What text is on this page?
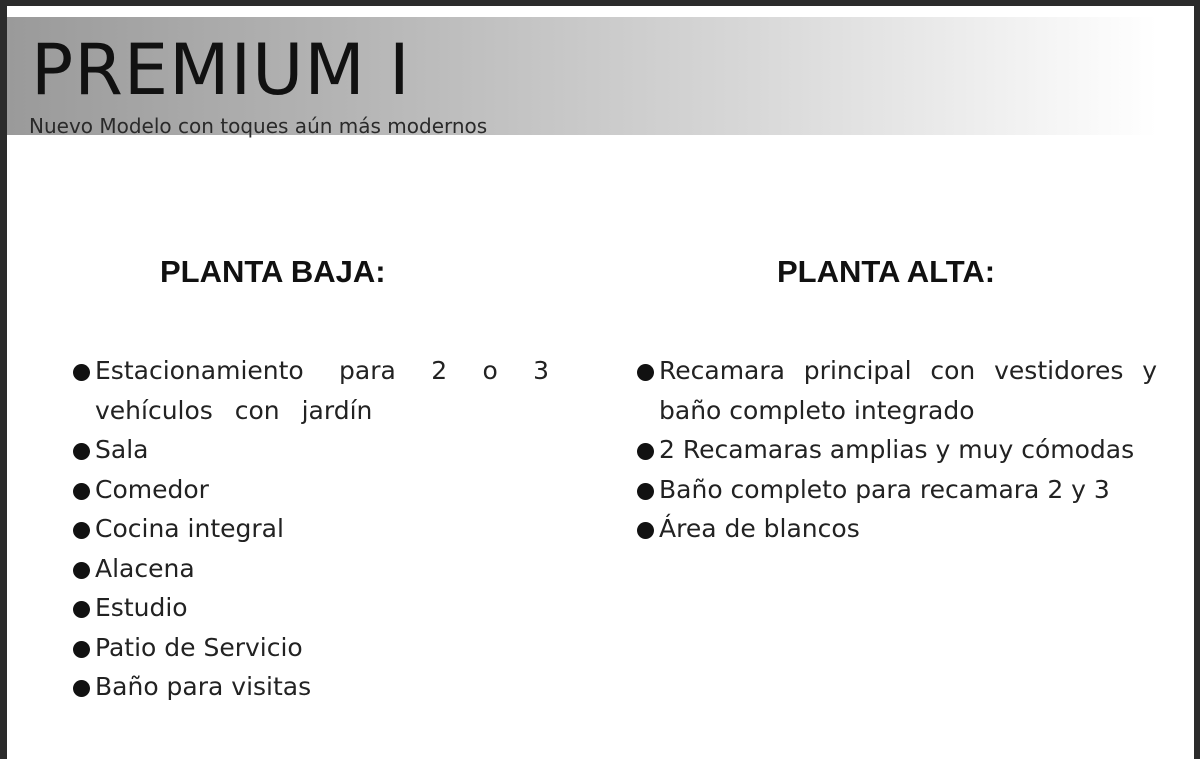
PREMIUM I

Nuevo Modelo con toques aún más modernos

PLANTA BAJA:
Estacionamiento para 2 o 3 vehículos con jardín
Sala
Comedor
Cocina integral
Alacena
Estudio
Patio de Servicio
Baño para visitas
PLANTA ALTA:
Recamara principal con vestidores y baño completo integrado
2 Recamaras amplias y muy cómodas
Baño completo para recamara 2 y 3
Área de blancos
